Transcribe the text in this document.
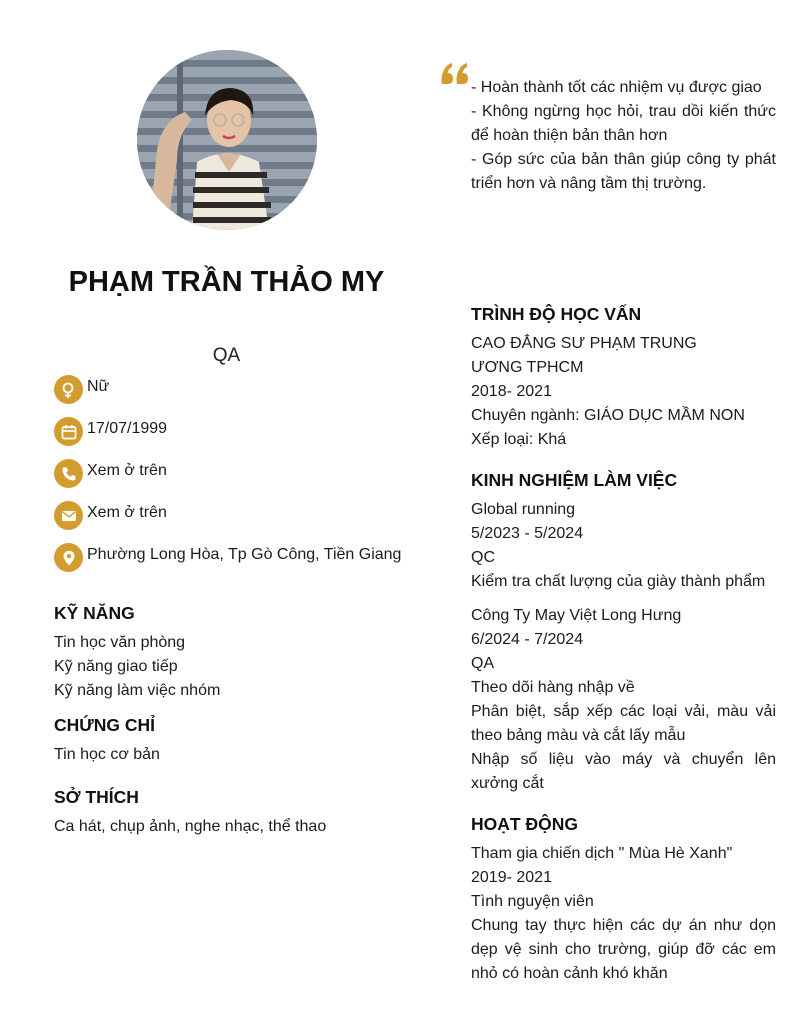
PHẠM TRẦN THẢO MY
QA
Nữ
17/07/1999
Xem ở trên
Xem ở trên
Phường Long Hòa, Tp Gò Công, Tiền Giang
KỸ NĂNG
Tin học văn phòng
Kỹ năng giao tiếp
Kỹ năng làm việc nhóm
CHỨNG CHỈ
Tin học cơ bản
SỞ THÍCH
Ca hát, chụp ảnh, nghe nhạc, thể thao
- Hoàn thành tốt các nhiệm vụ được giao
- Không ngừng học hỏi, trau dồi kiến thức để hoàn thiện bản thân hơn
- Góp sức của bản thân giúp công ty phát triển hơn và nâng tầm thị trường.
TRÌNH ĐỘ HỌC VẤN
CAO ĐẲNG SƯ PHẠM TRUNG ƯƠNG TPHCM
2018- 2021
Chuyên ngành: GIÁO DỤC MẦM NON
Xếp loại: Khá
KINH NGHIỆM LÀM VIỆC
Global running
5/2023 - 5/2024
QC
Kiểm tra chất lượng của giày thành phẩm
Công Ty May Việt Long Hưng
6/2024 - 7/2024
QA
Theo dõi hàng nhập về
Phân biệt, sắp xếp các loại vải, màu vải theo bảng màu và cắt lấy mẫu
Nhập số liệu vào máy và chuyển lên xưởng cắt
HOẠT ĐỘNG
Tham gia chiến dịch " Mùa Hè Xanh"
2019- 2021
Tình nguyện viên
Chung tay thực hiện các dự án như dọn dẹp vệ sinh cho trường, giúp đỡ các em nhỏ có hoàn cảnh khó khăn
